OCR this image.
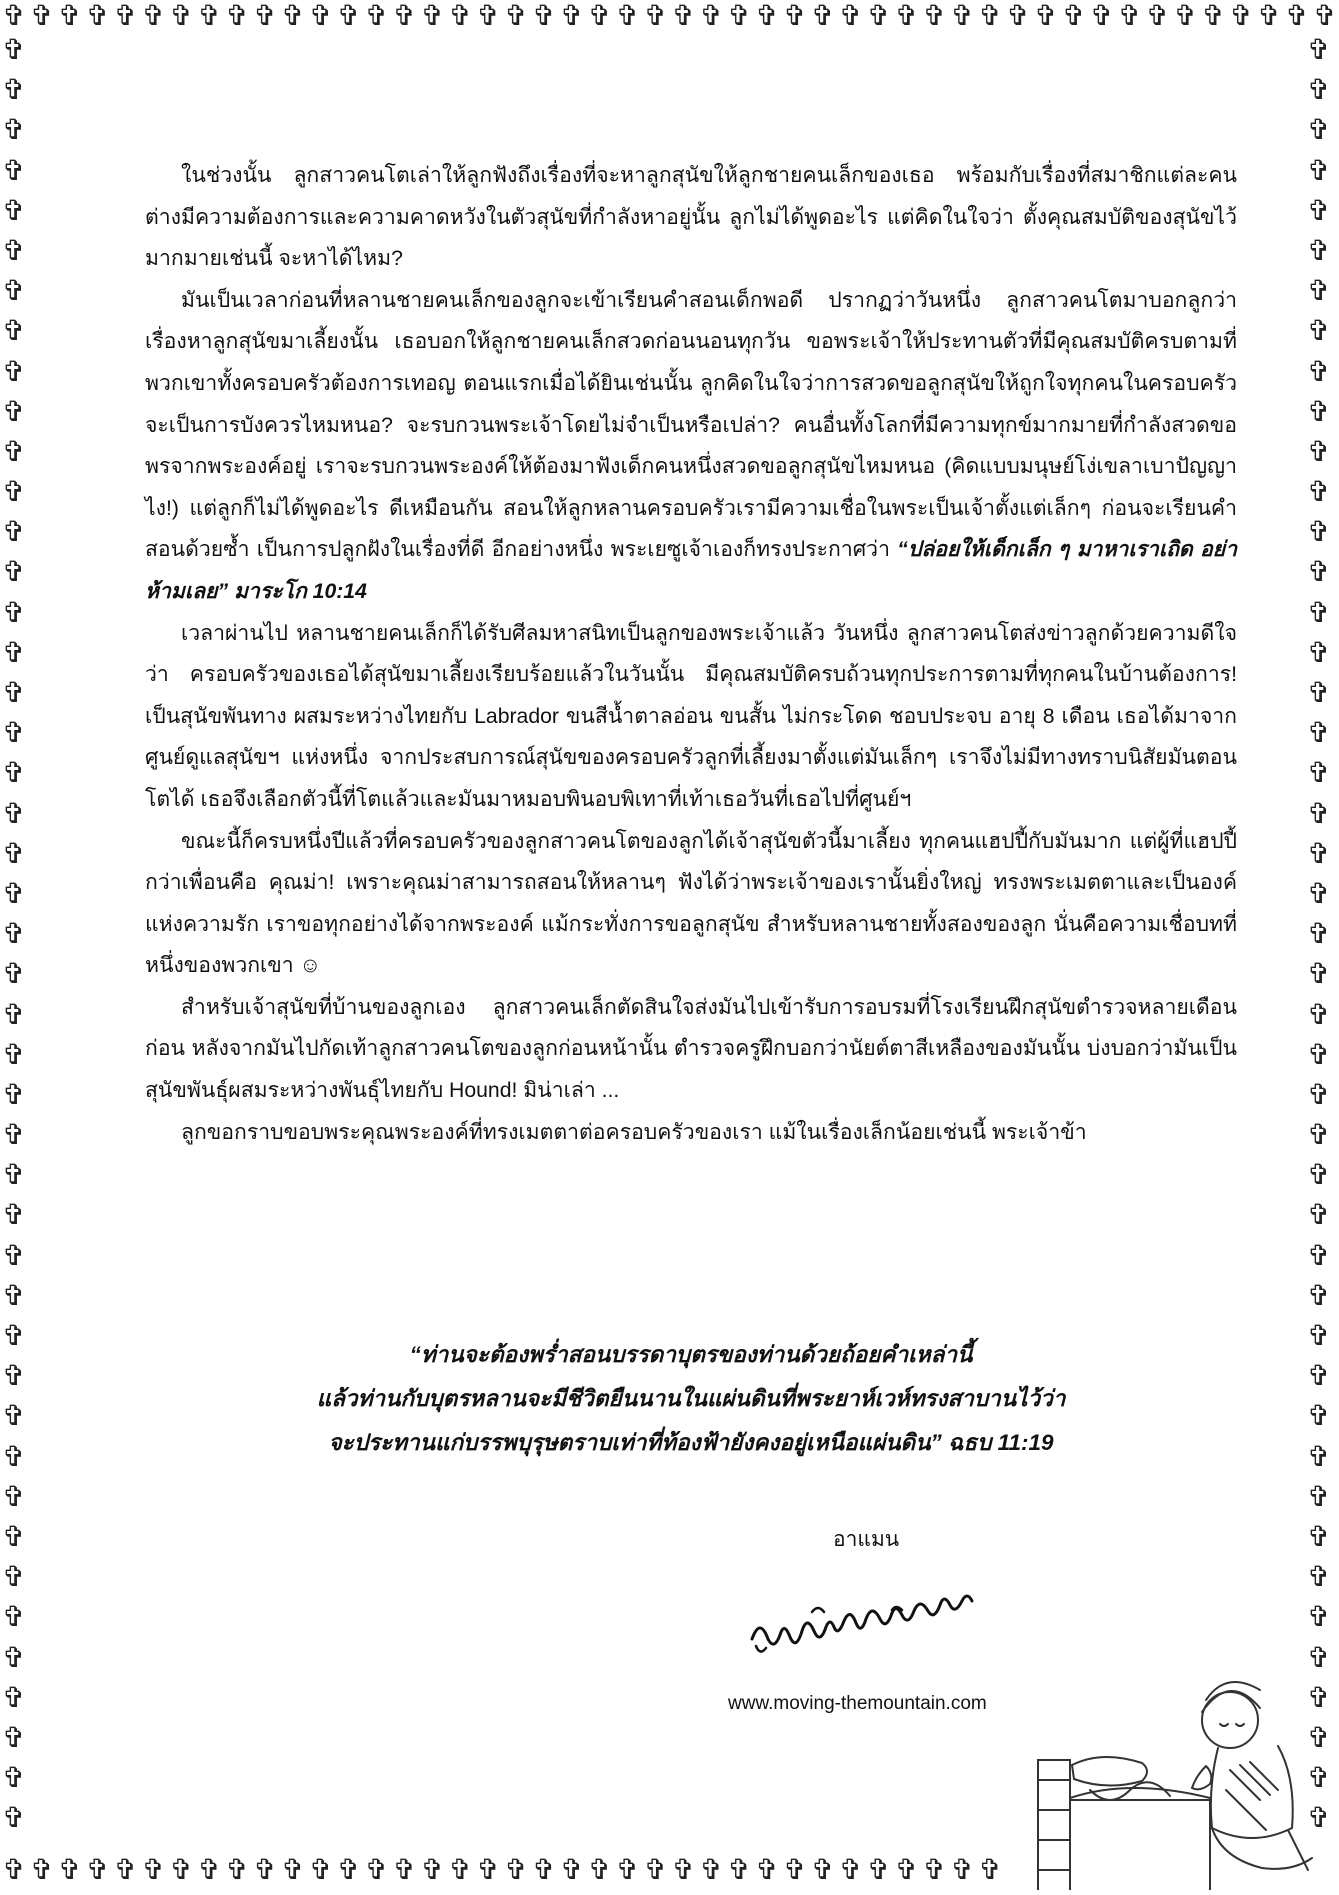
✞ ✞ ✞ ✞ ✞ ✞ ✞ ✞ ✞ ✞ ✞ ✞ ✞ ✞ ✞ ✞ ✞ ✞ ✞ ✞ ✞ ✞ ✞ ✞ ✞ ✞ ✞ ✞ ✞ ✞ ✞ ✞ ✞ ✞ ✞ ✞ ✞ ✞ ✞ ✞ ✞ ✞ ✞ ✞ ✞ ✞ ✞ ✞
✞ ✞ ✞ ✞ ✞ ✞ ✞ ✞ ✞ ✞ ✞ ✞ ✞ ✞ ✞ ✞ ✞ ✞ ✞ ✞ ✞ ✞ ✞ ✞ ✞ ✞ ✞ ✞ ✞ ✞ ✞ ✞ ✞ ✞ ✞ ✞
✞
✞
✞
✞
✞
✞
✞
✞
✞
✞
✞
✞
✞
✞
✞
✞
✞
✞
✞
✞
✞
✞
✞
✞
✞
✞
✞
✞
✞
✞
✞
✞
✞
✞
✞
✞
✞
✞
✞
✞
✞
✞
✞
✞
✞
✞
✞
✞
✞
✞
✞
✞
✞
✞
✞
✞
✞
✞
✞
✞
✞
✞
✞
✞
✞
✞
✞
✞
✞
✞
✞
✞
✞
✞
✞
✞
✞
✞
✞
✞
✞
✞
✞
✞
✞
✞
✞
✞
✞
✞

ในช่วงนั้น ลูกสาวคนโตเล่าให้ลูกฟังถึงเรื่องที่จะหาลูกสุนัขให้ลูกชายคนเล็กของเธอ พร้อมกับเรื่องที่สมาชิกแต่ละคนต่างมีความต้องการและความคาดหวังในตัวสุนัขที่กำลังหาอยู่นั้น ลูกไม่ได้พูดอะไร แต่คิดในใจว่า ตั้งคุณสมบัติของสุนัขไว้มากมายเช่นนี้ จะหาได้ไหม?

มันเป็นเวลาก่อนที่หลานชายคนเล็กของลูกจะเข้าเรียนคำสอนเด็กพอดี ปรากฏว่าวันหนึ่ง ลูกสาวคนโตมาบอกลูกว่า เรื่องหาลูกสุนัขมาเลี้ยงนั้น เธอบอกให้ลูกชายคนเล็กสวดก่อนนอนทุกวัน ขอพระเจ้าให้ประทานตัวที่มีคุณสมบัติครบตามที่พวกเขาทั้งครอบครัวต้องการเทอญ ตอนแรกเมื่อได้ยินเช่นนั้น ลูกคิดในใจว่าการสวดขอลูกสุนัขให้ถูกใจทุกคนในครอบครัวจะเป็นการบังควรไหมหนอ? จะรบกวนพระเจ้าโดยไม่จำเป็นหรือเปล่า? คนอื่นทั้งโลกที่มีความทุกข์มากมายที่กำลังสวดขอพรจากพระองค์อยู่ เราจะรบกวนพระองค์ให้ต้องมาฟังเด็กคนหนึ่งสวดขอลูกสุนัขไหมหนอ (คิดแบบมนุษย์โง่เขลาเบาปัญญาไง!) แต่ลูกก็ไม่ได้พูดอะไร ดีเหมือนกัน สอนให้ลูกหลานครอบครัวเรามีความเชื่อในพระเป็นเจ้าตั้งแต่เล็กๆ ก่อนจะเรียนคำสอนด้วยซ้ำ เป็นการปลูกฝังในเรื่องที่ดี อีกอย่างหนึ่ง พระเยซูเจ้าเองก็ทรงประกาศว่า “ปล่อยให้เด็กเล็ก ๆ มาหาเราเถิด อย่าห้ามเลย” มาระโก 10:14

เวลาผ่านไป หลานชายคนเล็กก็ได้รับศีลมหาสนิทเป็นลูกของพระเจ้าแล้ว วันหนึ่ง ลูกสาวคนโตส่งข่าวลูกด้วยความดีใจว่า ครอบครัวของเธอได้สุนัขมาเลี้ยงเรียบร้อยแล้วในวันนั้น มีคุณสมบัติครบถ้วนทุกประการตามที่ทุกคนในบ้านต้องการ! เป็นสุนัขพันทาง ผสมระหว่างไทยกับ Labrador ขนสีน้ำตาลอ่อน ขนสั้น ไม่กระโดด ชอบประจบ อายุ 8 เดือน เธอได้มาจากศูนย์ดูแลสุนัขฯ แห่งหนึ่ง จากประสบการณ์สุนัขของครอบครัวลูกที่เลี้ยงมาตั้งแต่มันเล็กๆ เราจึงไม่มีทางทราบนิสัยมันตอนโตได้ เธอจึงเลือกตัวนี้ที่โตแล้วและมันมาหมอบพินอบพิเทาที่เท้าเธอวันที่เธอไปที่ศูนย์ฯ

ขณะนี้ก็ครบหนึ่งปีแล้วที่ครอบครัวของลูกสาวคนโตของลูกได้เจ้าสุนัขตัวนี้มาเลี้ยง ทุกคนแฮปปี้กับมันมาก แต่ผู้ที่แฮปปี้กว่าเพื่อนคือ คุณม่า! เพราะคุณม่าสามารถสอนให้หลานๆ ฟังได้ว่าพระเจ้าของเรานั้นยิ่งใหญ่ ทรงพระเมตตาและเป็นองค์แห่งความรัก เราขอทุกอย่างได้จากพระองค์ แม้กระทั่งการขอลูกสุนัข สำหรับหลานชายทั้งสองของลูก นั่นคือความเชื่อบทที่หนึ่งของพวกเขา ☺

สำหรับเจ้าสุนัขที่บ้านของลูกเอง ลูกสาวคนเล็กตัดสินใจส่งมันไปเข้ารับการอบรมที่โรงเรียนฝึกสุนัขตำรวจหลายเดือนก่อน หลังจากมันไปกัดเท้าลูกสาวคนโตของลูกก่อนหน้านั้น ตำรวจครูฝึกบอกว่านัยต์ตาสีเหลืองของมันนั้น บ่งบอกว่ามันเป็นสุนัขพันธุ์ผสมระหว่างพันธุ์ไทยกับ Hound! มิน่าเล่า ...

ลูกขอกราบขอบพระคุณพระองค์ที่ทรงเมตตาต่อครอบครัวของเรา แม้ในเรื่องเล็กน้อยเช่นนี้ พระเจ้าข้า

“ท่านจะต้องพร่ำสอนบรรดาบุตรของท่านด้วยถ้อยคำเหล่านี้
แล้วท่านกับบุตรหลานจะมีชีวิตยืนนานในแผ่นดินที่พระยาห์เวห์ทรงสาบานไว้ว่า
จะประทานแก่บรรพบุรุษตราบเท่าที่ท้องฟ้ายังคงอยู่เหนือแผ่นดิน” ฉธบ 11:19
อาแมน
www.moving-themountain.com
